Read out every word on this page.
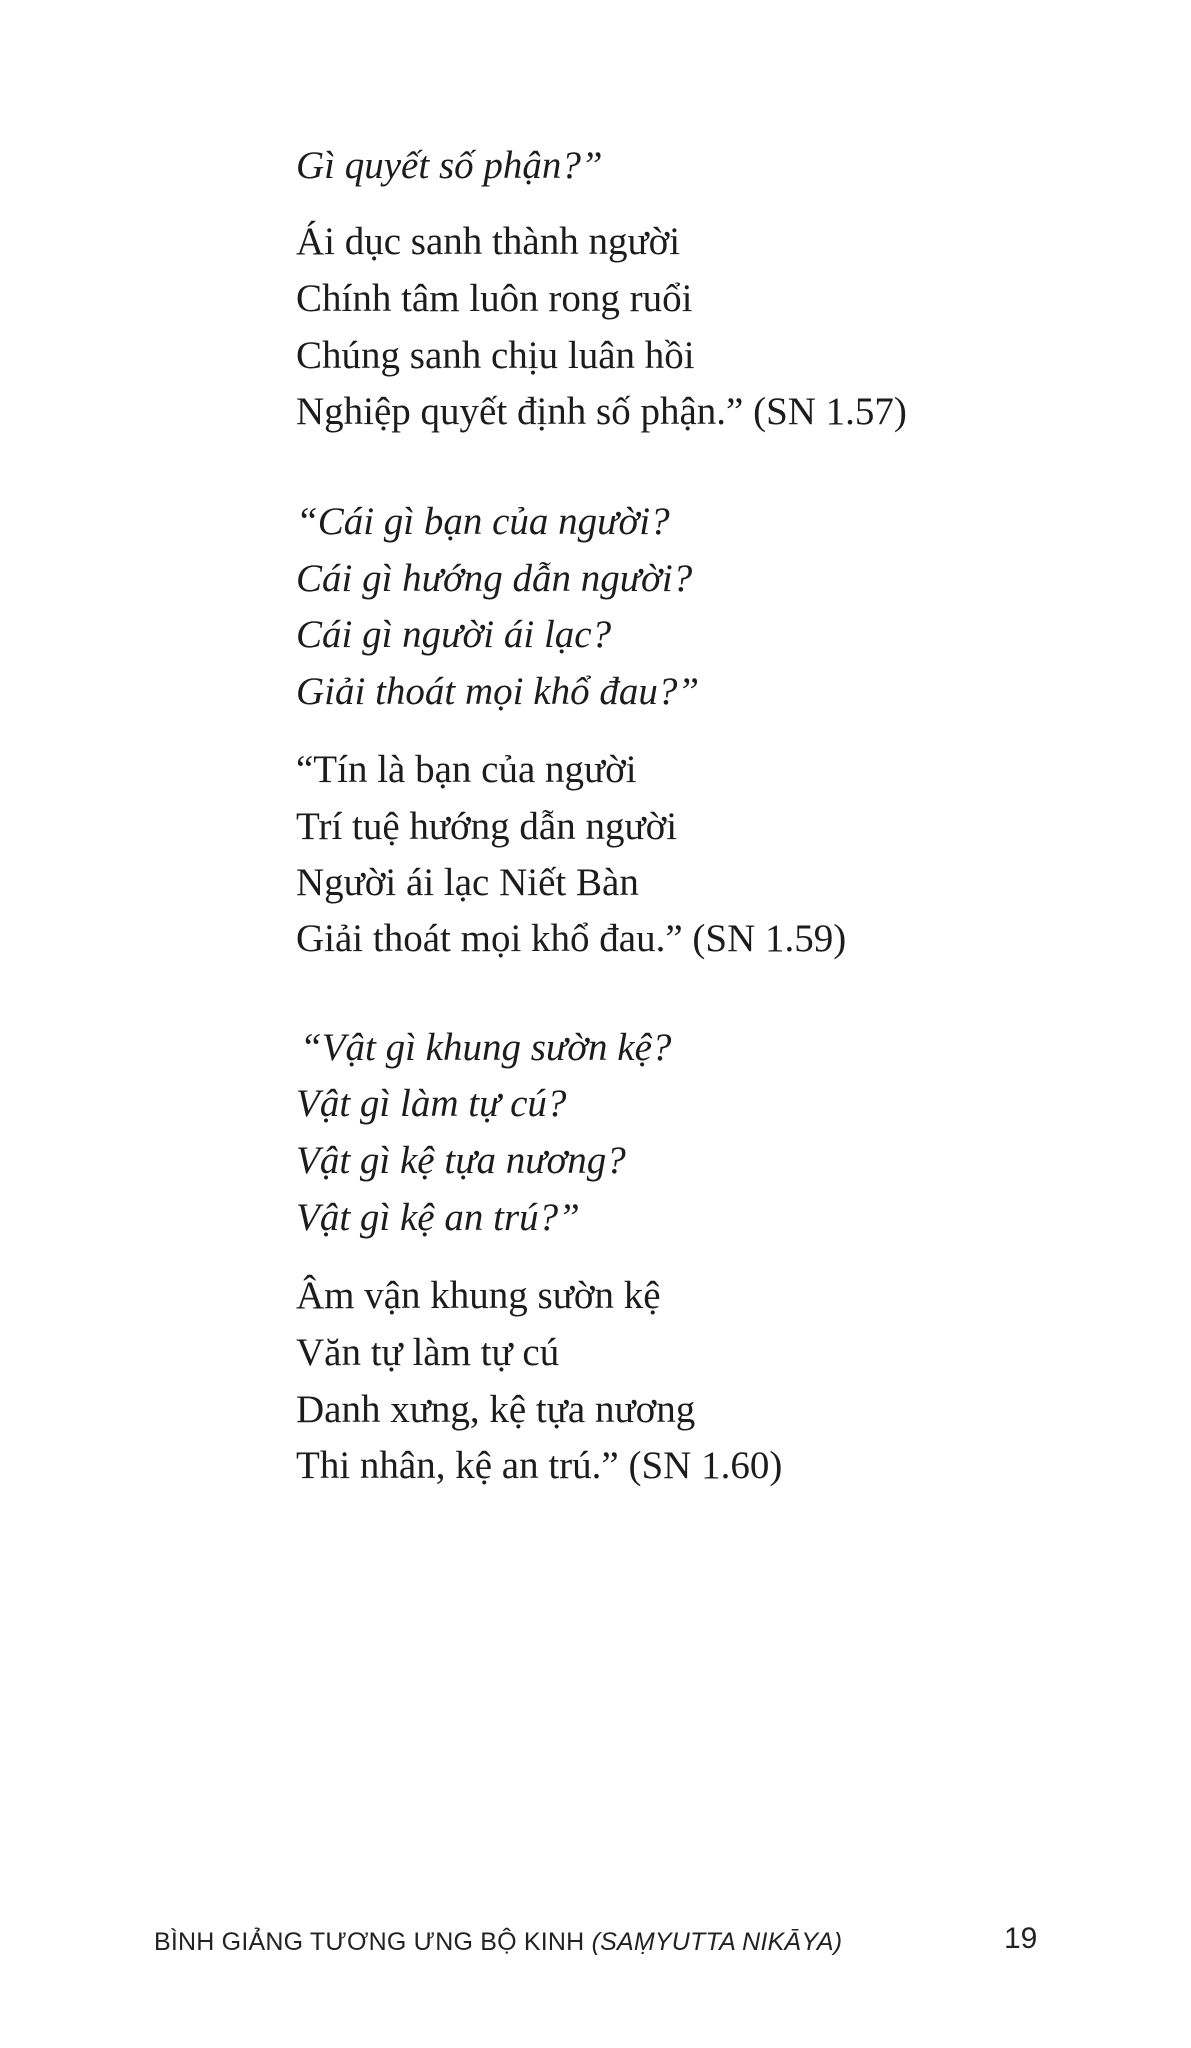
Gì quyết số phận?”
Ái dục sanh thành người
Chính tâm luôn rong ruổi
Chúng sanh chịu luân hồi
Nghiệp quyết định số phận.” (SN 1.57)
“Cái gì bạn của người?
Cái gì hướng dẫn người?
Cái gì người ái lạc?
Giải thoát mọi khổ đau?”
“Tín là bạn của người
Trí tuệ hướng dẫn người
Người ái lạc Niết Bàn
Giải thoát mọi khổ đau.” (SN 1.59)
“Vật gì khung sườn kệ?
Vật gì làm tự cú?
Vật gì kệ tựa nương?
Vật gì kệ an trú?”
Âm vận khung sườn kệ
Văn tự làm tự cú
Danh xưng, kệ tựa nương
Thi nhân, kệ an trú.” (SN 1.60)
BÌNH GIẢNG TƯƠNG ƯNG BỘ KINH (SAṂYUTTA NIKĀYA)	19
